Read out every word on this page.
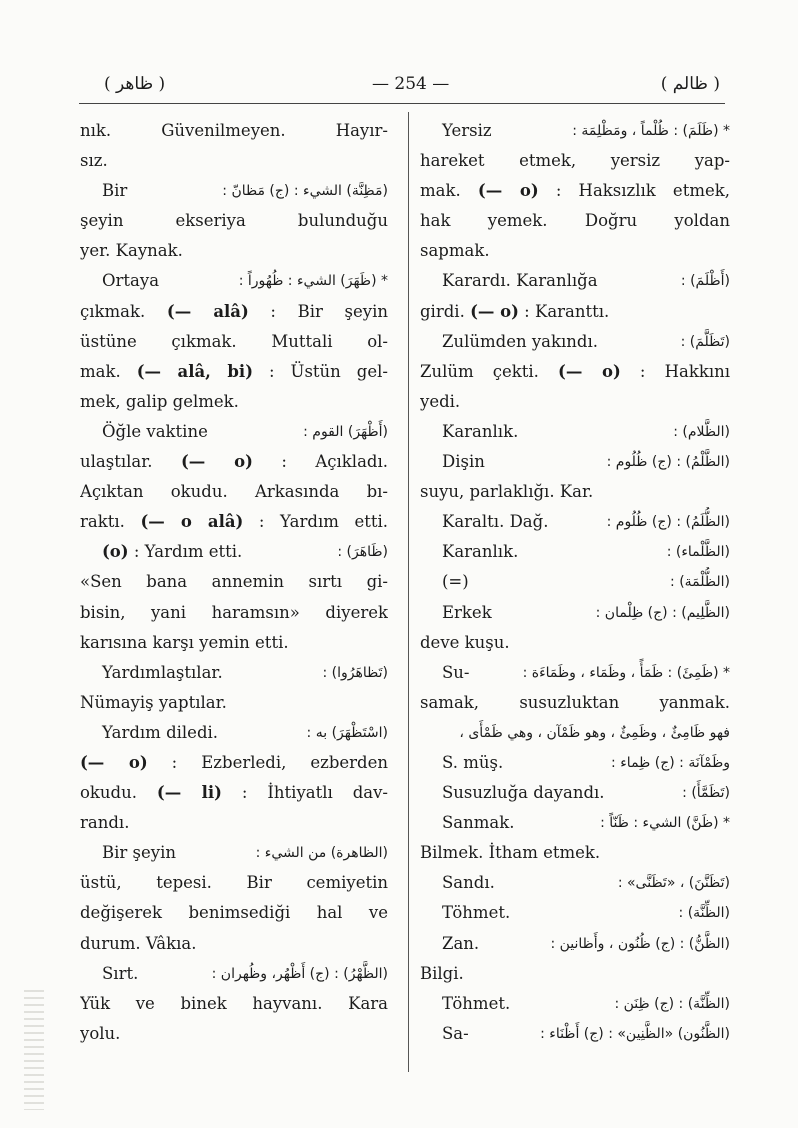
( ظاهر )	— 254 —	( ظالم )
nık. Güvenilmeyen. Hayır-
sız.
(مَظِنَّة) الشيء : (ج) مَظانّ :
Bir
şeyin ekseriya bulunduğu
yer. Kaynak.
* (ظَهَرَ) الشيء : ظُهُوراً :
Ortaya
çıkmak. (— alâ) : Bir şeyin
üstüne çıkmak. Muttali ol-
mak. (— alâ, bi) : Üstün gel-
mek, galip gelmek.
(أَظْهَرَ) القوم :
Öğle vaktine
ulaştılar. (— o) : Açıkladı.
Açıktan okudu. Arkasında bı-
raktı. (— o alâ) : Yardım etti.
(ظَاهَرَ) :
(o) : Yardım etti.
«Sen bana annemin sırtı gi-
bisin, yani haramsın» diyerek
karısına karşı yemin etti.
(تَظاهَرُوا) :
Yardımlaştılar.
Nümayiş yaptılar.
(اسْتَظْهَرَ) به :
Yardım diledi.
(— o) : Ezberledi, ezberden
okudu. (— li) : İhtiyatlı dav-
randı.
(الظاهرة) من الشيء :
Bir şeyin
üstü, tepesi. Bir cemiyetin
değişerek benimsediği hal ve
durum. Vâkıa.
(الظَّهْرُ) : (ج) أَظْهُر، وظُهران :
Sırt.
Yük ve binek hayvanı. Kara
yolu.
* (ظَلَمَ) : ظُلْماً ، ومَظْلِمَة :
Yersiz
hareket etmek, yersiz yap-
mak. (— o) : Haksızlık etmek,
hak yemek. Doğru yoldan
sapmak.
(أَظْلَمَ) :
Karardı. Karanlığa
girdi. (— o) : Karanttı.
(تَظَلَّمَ) :
Zulümden yakındı.
Zulüm çekti. (— o) : Hakkını
yedi.
(الظَّلام) :
Karanlık.
(الظَّلْمُ) : (ج) ظُلُوم :
Dişin
suyu, parlaklığı. Kar.
(الظُّلَمُ) : (ج) ظُلُوم :
Karaltı. Dağ.
(الظَّلْماء) :
Karanlık.
(الظُّلْمَة) :
(=)
(الظَّلِيم) : (ج) ظِلْمان :
Erkek
deve kuşu.
* (ظَمِئَ) : ظَمَأً ، وظَمَاء ، وظَمَاءَة :
Su-
samak, susuzluktan yanmak.
فهو ظَامِئٌ ، وظَمِئٌ ، وهو ظَمْآن ، وهي ظَمْأَى ،
وظَمْآنَة : (ج) ظِماء :
S. müş.
(تَظَمَّأَ) :
Susuzluğa dayandı.
* (ظَنَّ) الشيء : ظَنّاً :
Sanmak.
Bilmek. İtham etmek.
(تَظَنَّنَ) ، «تَظَنَّى» :
Sandı.
(الظِّنَّة) :
Töhmet.
(الظَّنُّ) : (ج) ظُنُون ، وأَظانين :
Zan.
Bilgi.
(الظِّنَّة) : (ج) ظِنَن :
Töhmet.
(الظَّنُون) «الظَّنِين» : (ج) أَظْنَاء :
Sa-
